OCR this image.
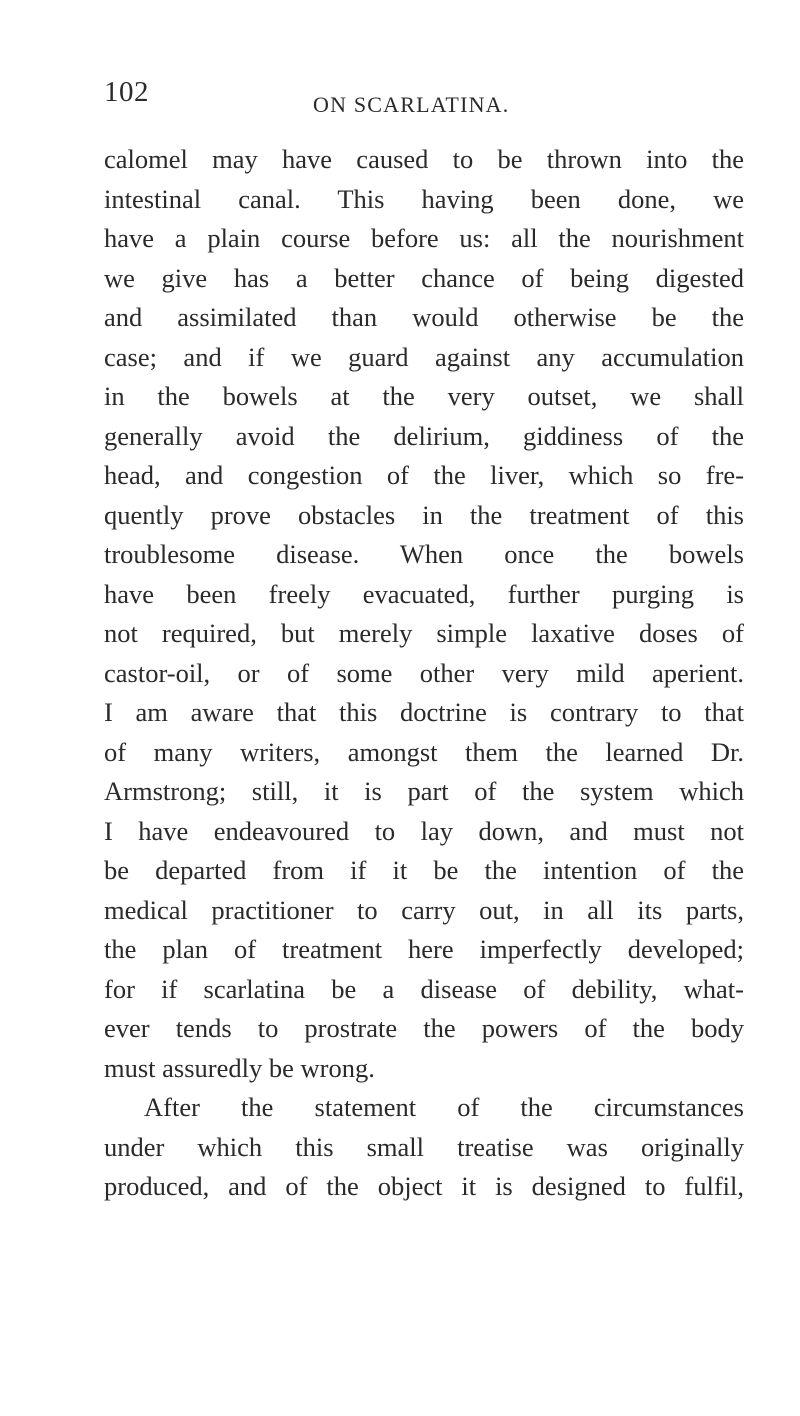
102	ON SCARLATINA.
calomel may have caused to be thrown into the
intestinal canal. This having been done, we
have a plain course before us: all the nourishment
we give has a better chance of being digested
and assimilated than would otherwise be the
case; and if we guard against any accumulation
in the bowels at the very outset, we shall
generally avoid the delirium, giddiness of the
head, and congestion of the liver, which so fre-
quently prove obstacles in the treatment of this
troublesome disease. When once the bowels
have been freely evacuated, further purging is
not required, but merely simple laxative doses of
castor-oil, or of some other very mild aperient.
I am aware that this doctrine is contrary to that
of many writers, amongst them the learned Dr.
Armstrong; still, it is part of the system which
I have endeavoured to lay down, and must not
be departed from if it be the intention of the
medical practitioner to carry out, in all its parts,
the plan of treatment here imperfectly developed;
for if scarlatina be a disease of debility, what-
ever tends to prostrate the powers of the body
must assuredly be wrong.
After the statement of the circumstances
under which this small treatise was originally
produced, and of the object it is designed to fulfil,
